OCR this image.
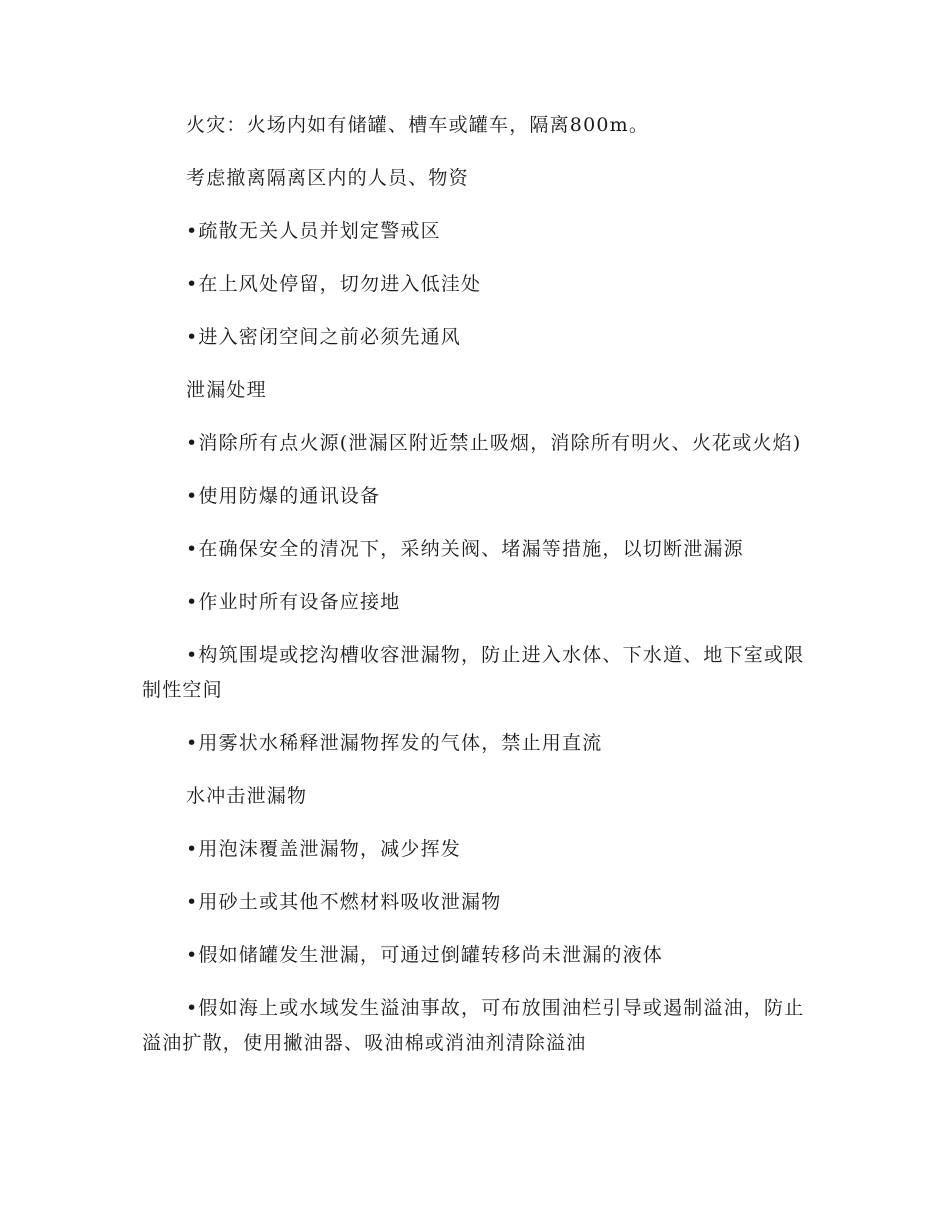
火灾：火场内如有储罐、槽车或罐车，隔离800m。

考虑撤离隔离区内的人员、物资

•疏散无关人员并划定警戒区

•在上风处停留，切勿进入低洼处

•进入密闭空间之前必须先通风

泄漏处理

•消除所有点火源(泄漏区附近禁止吸烟，消除所有明火、火花或火焰)

•使用防爆的通讯设备

•在确保安全的清况下，采纳关阀、堵漏等措施，以切断泄漏源

•作业时所有设备应接地

•构筑围堤或挖沟槽收容泄漏物，防止进入水体、下水道、地下室或限制性空间

•用雾状水稀释泄漏物挥发的气体，禁止用直流

水冲击泄漏物

•用泡沫覆盖泄漏物，减少挥发

•用砂土或其他不燃材料吸收泄漏物

•假如储罐发生泄漏，可通过倒罐转移尚未泄漏的液体

•假如海上或水域发生溢油事故，可布放围油栏引导或遏制溢油，防止溢油扩散，使用撇油器、吸油棉或消油剂清除溢油
